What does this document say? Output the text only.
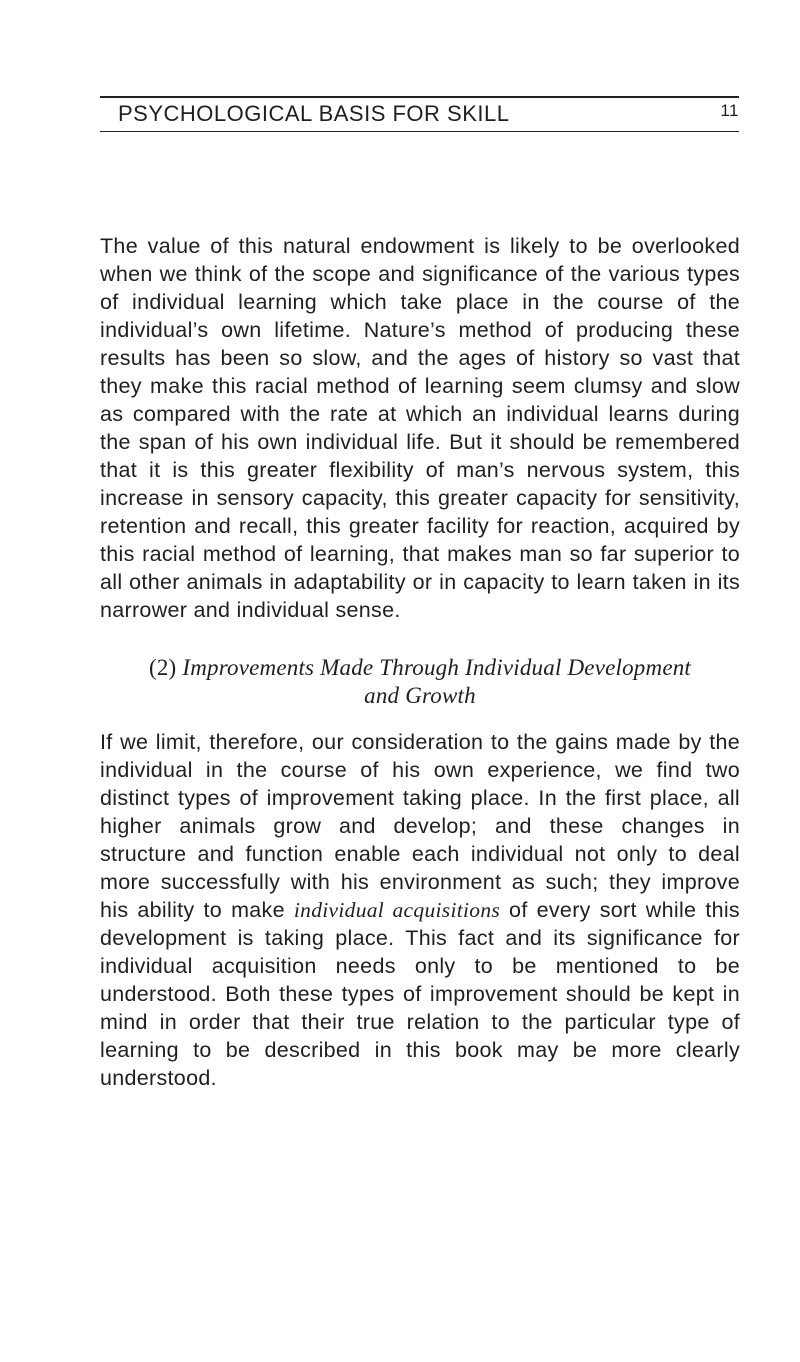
PSYCHOLOGICAL BASIS FOR SKILL	11

The value of this natural endowment is likely to be overlooked when we think of the scope and significance of the various types of individual learning which take place in the course of the individual’s own lifetime. Nature’s method of producing these results has been so slow, and the ages of history so vast that they make this racial method of learning seem clumsy and slow as compared with the rate at which an individual learns during the span of his own individual life. But it should be remembered that it is this greater flexibility of man’s nervous system, this increase in sensory capacity, this greater capacity for sensitivity, retention and recall, this greater facility for reaction, acquired by this racial method of learning, that makes man so far superior to all other animals in adaptability or in capacity to learn taken in its narrower and individual sense.

(2) Improvements Made Through Individual Development
and Growth

If we limit, therefore, our consideration to the gains made by the individual in the course of his own experience, we find two distinct types of improvement taking place. In the first place, all higher animals grow and develop; and these changes in structure and function enable each individual not only to deal more successfully with his environment as such; they improve his ability to make individual acquisitions of every sort while this development is taking place. This fact and its significance for individual acquisition needs only to be mentioned to be understood. Both these types of improvement should be kept in mind in order that their true relation to the particular type of learning to be described in this book may be more clearly understood.
